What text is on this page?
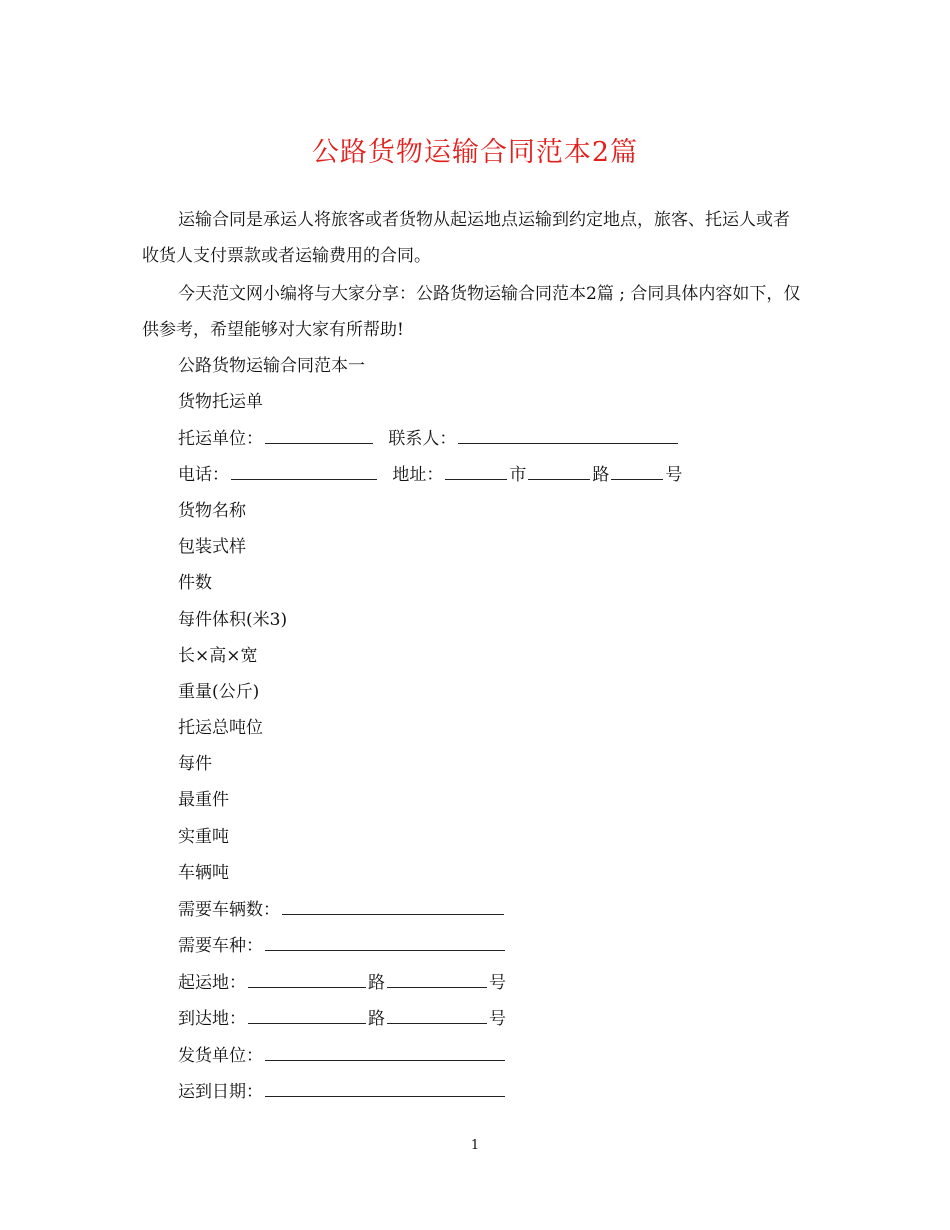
公路货物运输合同范本2篇
运输合同是承运人将旅客或者货物从起运地点运输到约定地点，旅客、托运人或者收货人支付票款或者运输费用的合同。
今天范文网小编将与大家分享：公路货物运输合同范本2篇 ; 合同具体内容如下，仅供参考，希望能够对大家有所帮助!
公路货物运输合同范本一
货物托运单
托运单位：	联系人：
电话：	地址：	市	路	号
货物名称
包装式样
件数
每件体积(米3)
长×高×宽
重量(公斤)
托运总吨位
每件
最重件
实重吨
车辆吨
需要车辆数：
需要车种：
起运地：	路	号
到达地：	路	号
发货单位：
运到日期：
1
